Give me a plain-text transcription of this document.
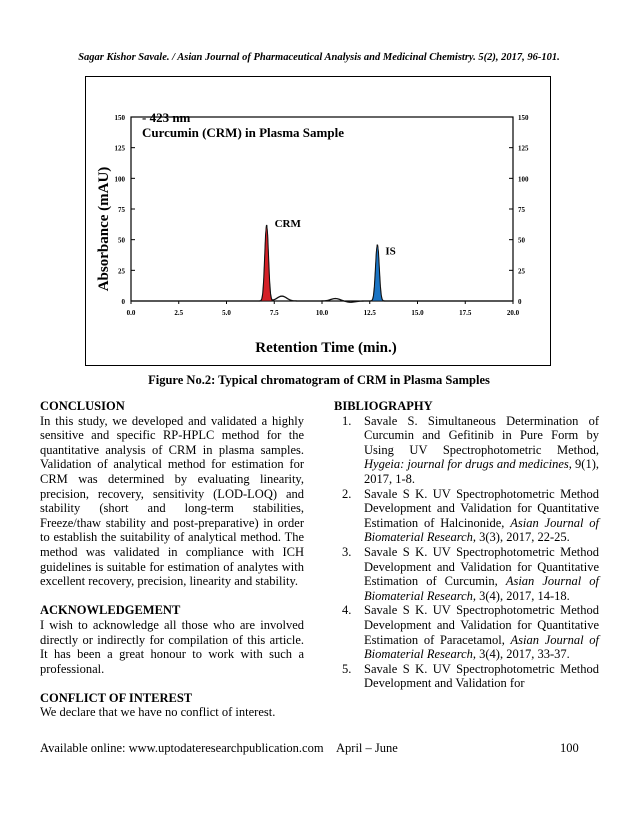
Sagar Kishor Savale. / Asian Journal of Pharmaceutical Analysis and Medicinal Chemistry. 5(2), 2017, 96-101.
- 423 nm
Curcumin (CRM) in Plasma Sample
Absorbance (mAU)
Retention Time (min.)
0	0
25	25
50	50
75	75
100	100
125	125
150	150
0.0	2.5	5.0	7.5	10.0	12.5	15.0	17.5	20.0
CRM
IS
Figure No.2: Typical chromatogram of CRM in Plasma Samples

CONCLUSION

In this study, we developed and validated a highly sensitive and specific RP-HPLC method for the quantitative analysis of CRM in plasma samples. Validation of analytical method for estimation for CRM was determined by evaluating linearity, precision, recovery, sensitivity (LOD-LOQ) and stability (short and long-term stabilities, Freeze/thaw stability and post-preparative) in order to establish the suitability of analytical method. The method was validated in compliance with ICH guidelines is suitable for estimation of analytes with excellent recovery, precision, linearity and stability.

ACKNOWLEDGEMENT

I wish to acknowledge all those who are involved directly or indirectly for compilation of this article. It has been a great honour to work with such a professional.

CONFLICT OF INTEREST

We declare that we have no conflict of interest.

BIBLIOGRAPHY

1. Savale S. Simultaneous Determination of Curcumin and Gefitinib in Pure Form by Using UV Spectrophotometric Method, Hygeia: journal for drugs and medicines, 9(1), 2017, 1-8.
2. Savale S K. UV Spectrophotometric Method Development and Validation for Quantitative Estimation of Halcinonide, Asian Journal of Biomaterial Research, 3(3), 2017, 22-25.
3. Savale S K. UV Spectrophotometric Method Development and Validation for Quantitative Estimation of Curcumin, Asian Journal of Biomaterial Research, 3(4), 2017, 14-18.
4. Savale S K. UV Spectrophotometric Method Development and Validation for Quantitative Estimation of Paracetamol, Asian Journal of Biomaterial Research, 3(4), 2017, 33-37.
5. Savale S K. UV Spectrophotometric Method Development and Validation for
Available online: www.uptodateresearchpublication.com April – June	100
